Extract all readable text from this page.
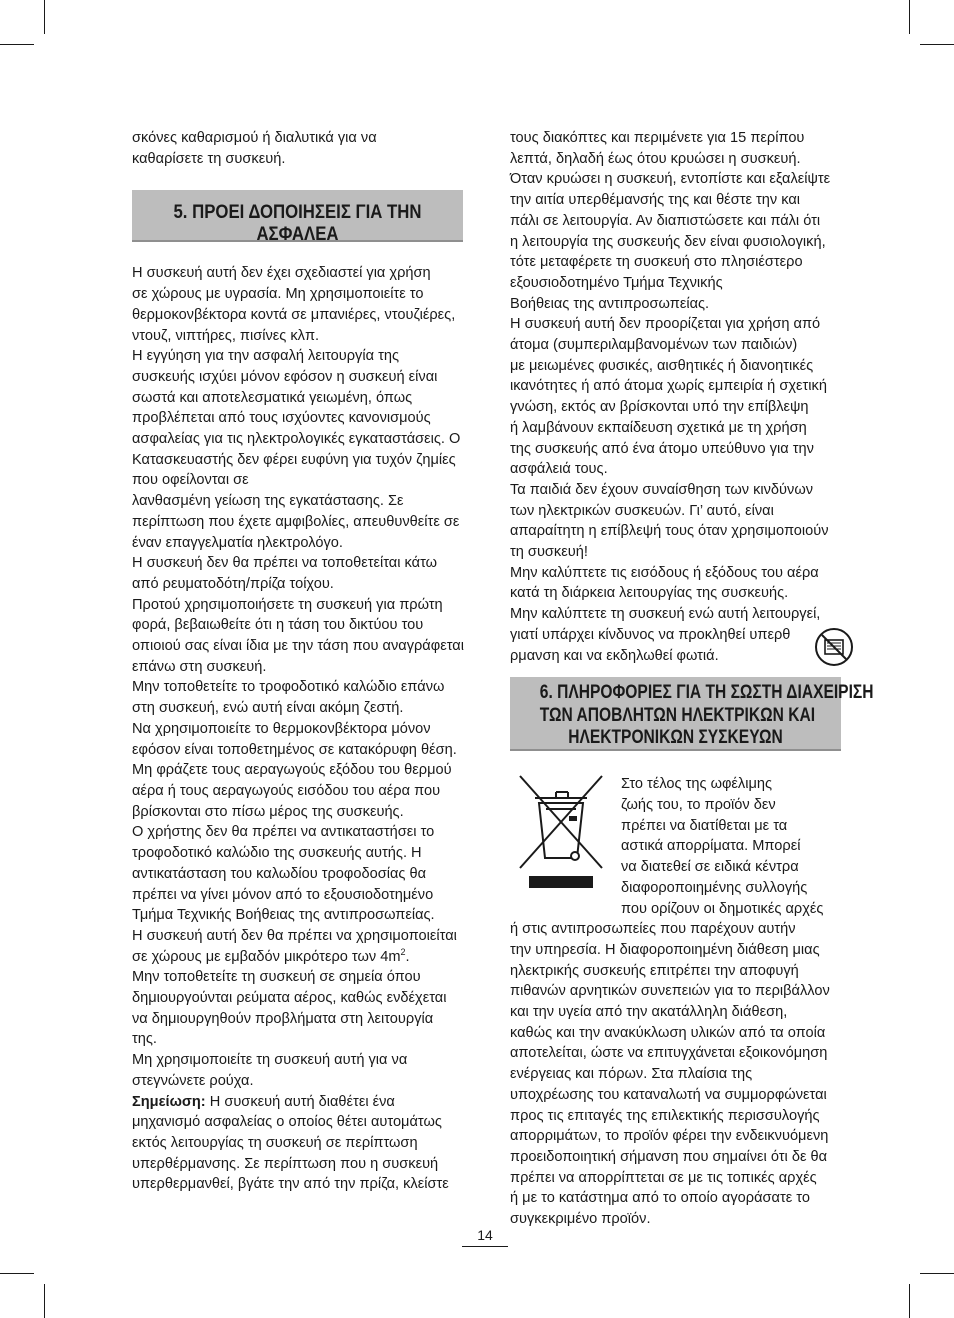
σκόνες καθαρισμού ή διαλυτικά για να

καθαρίσετε τη συσκευή.

5. ΠΡΟΕΙ ΔΟΠΟΙΗΣΕΙΣ ΓΙΑ ΤΗΝ

ΑΣΦΑΛΕΑ

Η συσκευή αυτή δεν έχει σχεδιαστεί για χρήση

σε χώρους με υγρασία. Μη χρησιμοποιείτε το

θερμοκονβέκτορα κοντά σε μπανιέρες, ντουζιέρες,

ντουζ, νιπτήρες, πισίνες κλπ.

Η εγγύηση για την ασφαλή λειτουργία της

συσκευής ισχύει μόνον εφόσον η συσκευή είναι

σωστά και αποτελεσματικά γειωμένη, όπως

προβλέπεται από τους ισχύοντες κανονισμούς

ασφαλείας για τις ηλεκτρολογικές εγκαταστάσεις. Ο

Κατασκευαστής δεν φέρει ευφύνη για τυχόν ζημίες

που οφείλονται σε

λανθασμένη γείωση της εγκατάστασης. Σε

περίπτωση που έχετε αμφιβολίες, απευθυνθείτε σε

έναν επαγγελματία ηλεκτρολόγο.

Η συσκευή δεν θα πρέπει να τοποθετείται κάτω

από ρευματοδότη/πρίζα τοίχου.

Προτού χρησιμοποιήσετε τη συσκευή για πρώτη

φορά, βεβαιωθείτε ότι η τάση του δικτύου του

οπιοιού σας είναι ίδια με την τάση που αναγράφεται

επάνω στη συσκευή.

Μην τοποθετείτε το τροφοδοτικό καλώδιο επάνω

στη συσκευή, ενώ αυτή είναι ακόμη ζεστή.

Να χρησιμοποιείτε το θερμοκονβέκτορα μόνον

εφόσον είναι τοποθετημένος σε κατακόρυφη θέση.

Μη φράζετε τους αεραγωγούς εξόδου του θερμού

αέρα ή τους αεραγωγούς εισόδου του αέρα που

βρίσκονται στο πίσω μέρος της συσκευής.

Ο χρήστης δεν θα πρέπει να αντικαταστήσει το

τροφοδοτικό καλώδιο της συσκευής αυτής. Η

αντικατάσταση του καλωδίου τροφοδοσίας θα

πρέπει να γίνει μόνον από το εξουσιοδοτημένο

Τμήμα Τεχνικής Βοήθειας της αντιπροσωπείας.

Η συσκευή αυτή δεν θα πρέπει να χρησιμοποιείται

σε χώρους με εμβαδόν μικρότερο των $4m^2$.

Μην τοποθετείτε τη συσκευή σε σημεία όπου

δημιουργούνται ρεύματα αέρος, καθώς ενδέχεται

να δημιουργηθούν προβλήματα στη λειτουργία

της.

Μη χρησιμοποιείτε τη συσκευή αυτή για να

στεγνώνετε ρούχα.

Σημείωση: Η συσκευή αυτή διαθέτει ένα

μηχανισμό ασφαλείας ο οποίος θέτει αυτομάτως

εκτός λειτουργίας τη συσκευή σε περίπτωση

υπερθέρμανσης. Σε περίπτωση που η συσκευή

υπερθερμανθεί, βγάτε την από την πρίζα, κλείστε

τους διακόπτες και περιμένετε για 15 περίπου

λεπτά, δηλαδή έως ότου κρυώσει η συσκευή.

Όταν κρυώσει η συσκευή, εντοπίστε και εξαλείψτε

την αιτία υπερθέμανσής της και θέστε την και

πάλι σε λειτουργία. Αν διαπιστώσετε και πάλι ότι

η λειτουργία της συσκευής δεν είναι φυσιολογική,

τότε μεταφέρετε τη συσκευή στο πλησιέστερο

εξουσιοδοτημένο Τμήμα Τεχνικής

Βοήθειας της αντιπροσωπείας.

Η συσκευή αυτή δεν προορίζεται για χρήση από

άτομα (συμπεριλαμβανομένων των παιδιών)

με μειωμένες φυσικές, αισθητικές ή διανοητικές

ικανότητες ή από άτομα χωρίς εμπειρία ή σχετική

γνώση, εκτός αν βρίσκονται υπό την επίβλεψη

ή λαμβάνουν εκπαίδευση σχετικά με τη χρήση

της συσκευής από ένα άτομο υπεύθυνο για την

ασφάλειά τους.

Τα παιδιά δεν έχουν συναίσθηση των κινδύνων

των ηλεκτρικών συσκευών. Γι’ αυτό, είναι

απαραίτητη η επίβλεψή τους όταν χρησιμοποιούν

τη συσκευή!

Μην καλύπτετε τις εισόδους ή εξόδους του αέρα

κατά τη διάρκεια λειτουργίας της συσκευής.

Μην καλύπτετε τη συσκευή ενώ αυτή λειτουργεί,

γιατί υπάρχει κίνδυνος να προκληθεί υπερθ

ρμανση και να εκδηλωθεί φωτιά.

6. ΠΛΗΡΟΦΟΡΙΕΣ ΓΙΑ ΤΗ ΣΩΣΤΗ ΔΙΑΧΕΙΡΙΣΗ

ΤΩΝ ΑΠΟΒΛΗΤΩΝ ΗΛΕΚΤΡΙΚΩΝ ΚΑΙ

ΗΛΕΚΤΡΟΝΙΚΩΝ ΣΥΣΚΕΥΩΝ

Στο τέλος της ωφέλιμης

ζωής του, το προϊόν δεν

πρέπει να διατίθεται με τα

αστικά απορρίματα. Μπορεί

να διατεθεί σε ειδικά κέντρα

διαφοροποιημένης συλλογής

που ορίζουν οι δημοτικές αρχές

ή στις αντιπροσωπείες που παρέχουν αυτήν

την υπηρεσία. Η διαφοροποιημένη διάθεση μιας

ηλεκτρικής συσκευής επιτρέπει την αποφυγή

πιθανών αρνητικών συνεπειών για το περιβάλλον

και την υγεία από την ακατάλληλη διάθεση,

καθώς και την ανακύκλωση υλικών από τα οποία

αποτελείται, ώστε να επιτυγχάνεται εξοικονόμηση

ενέργειας και πόρων. Στα πλαίσια της

υποχρέωσης του καταναλωτή να συμμορφώνεται

προς τις επιταγές της επιλεκτικής περισσυλογής

απορριμάτων, το προϊόν φέρει την ενδεικνυόμενη

προειδοποιητική σήμανση που σημαίνει ότι δε θα

πρέπει να απορρίπτεται σε με τις τοπικές αρχές

ή με το κατάστημα από το οποίο αγοράσατε το

συγκεκριμένο προϊόν.

14
